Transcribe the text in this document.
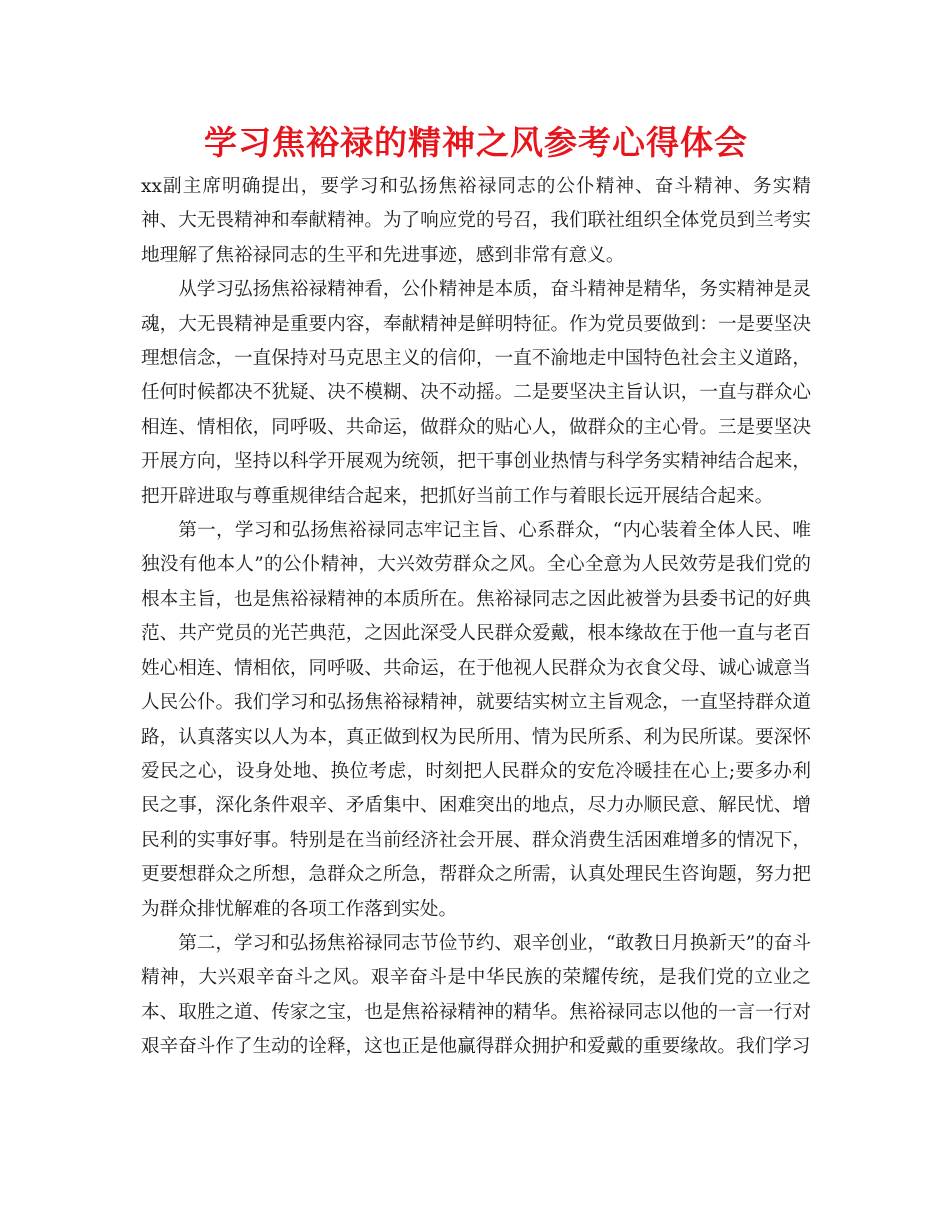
学习焦裕禄的精神之风参考心得体会

xx副主席明确提出，要学习和弘扬焦裕禄同志的公仆精神、奋斗精神、务实精神、大无畏精神和奉献精神。为了响应党的号召，我们联社组织全体党员到兰考实地理解了焦裕禄同志的生平和先进事迹，感到非常有意义。

从学习弘扬焦裕禄精神看，公仆精神是本质，奋斗精神是精华，务实精神是灵魂，大无畏精神是重要内容，奉献精神是鲜明特征。作为党员要做到：一是要坚决理想信念，一直保持对马克思主义的信仰，一直不渝地走中国特色社会主义道路，任何时候都决不犹疑、决不模糊、决不动摇。二是要坚决主旨认识，一直与群众心相连、情相依，同呼吸、共命运，做群众的贴心人，做群众的主心骨。三是要坚决开展方向，坚持以科学开展观为统领，把干事创业热情与科学务实精神结合起来，把开辟进取与尊重规律结合起来，把抓好当前工作与着眼长远开展结合起来。

第一，学习和弘扬焦裕禄同志牢记主旨、心系群众，“内心装着全体人民、唯独没有他本人”的公仆精神，大兴效劳群众之风。全心全意为人民效劳是我们党的根本主旨，也是焦裕禄精神的本质所在。焦裕禄同志之因此被誉为县委书记的好典范、共产党员的光芒典范，之因此深受人民群众爱戴，根本缘故在于他一直与老百姓心相连、情相依，同呼吸、共命运，在于他视人民群众为衣食父母、诚心诚意当人民公仆。我们学习和弘扬焦裕禄精神，就要结实树立主旨观念，一直坚持群众道路，认真落实以人为本，真正做到权为民所用、情为民所系、利为民所谋。要深怀爱民之心，设身处地、换位考虑，时刻把人民群众的安危冷暖挂在心上;要多办利民之事，深化条件艰辛、矛盾集中、困难突出的地点，尽力办顺民意、解民忧、增民利的实事好事。特别是在当前经济社会开展、群众消费生活困难增多的情况下，更要想群众之所想，急群众之所急，帮群众之所需，认真处理民生咨询题，努力把为群众排忧解难的各项工作落到实处。

第二，学习和弘扬焦裕禄同志节俭节约、艰辛创业，“敢教日月换新天”的奋斗精神，大兴艰辛奋斗之风。艰辛奋斗是中华民族的荣耀传统，是我们党的立业之本、取胜之道、传家之宝，也是焦裕禄精神的精华。焦裕禄同志以他的一言一行对艰辛奋斗作了生动的诠释，这也正是他赢得群众拥护和爱戴的重要缘故。我们学习
